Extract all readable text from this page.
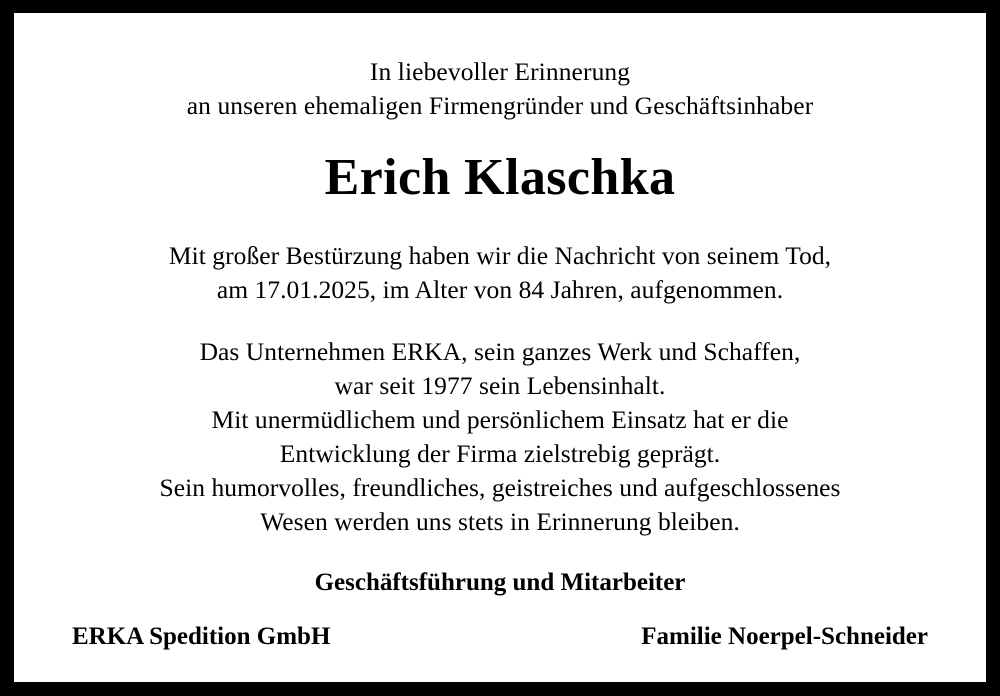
In liebevoller Erinnerung
an unseren ehemaligen Firmengründer und Geschäftsinhaber
Erich Klaschka
Mit großer Bestürzung haben wir die Nachricht von seinem Tod,
am 17.01.2025, im Alter von 84 Jahren, aufgenommen.
Das Unternehmen ERKA, sein ganzes Werk und Schaffen,
war seit 1977 sein Lebensinhalt.
Mit unermüdlichem und persönlichem Einsatz hat er die
Entwicklung der Firma zielstrebig geprägt.
Sein humorvolles, freundliches, geistreiches und aufgeschlossenes
Wesen werden uns stets in Erinnerung bleiben.
Geschäftsführung und Mitarbeiter
ERKA Spedition GmbH	Familie Noerpel-Schneider
